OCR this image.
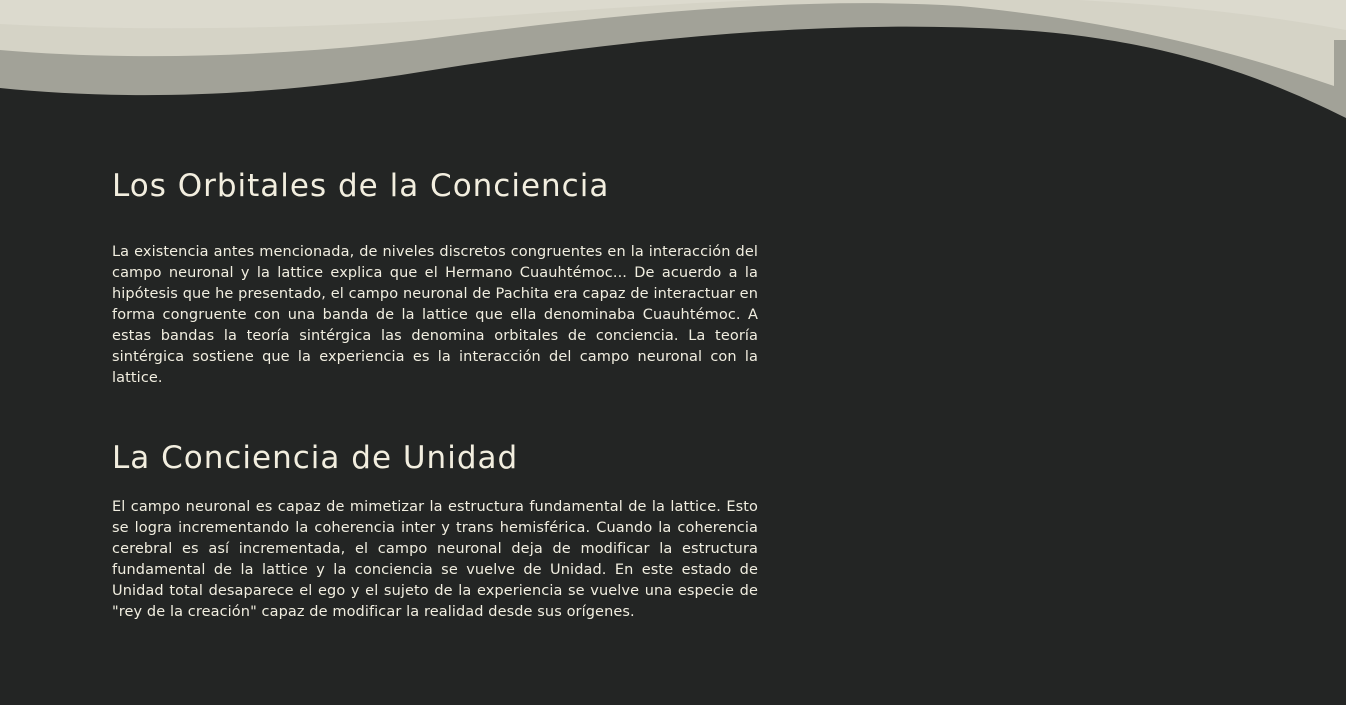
Los Orbitales de la Conciencia

La existencia antes mencionada, de niveles discretos congruentes en la interacción del campo neuronal y la lattice explica que el Hermano Cuauhtémoc... De acuerdo a la hipótesis que he presentado, el campo neuronal de Pachita era capaz de interactuar en forma congruente con una banda de la lattice que ella denominaba Cuauhtémoc. A estas bandas la teoría sintérgica las denomina orbitales de conciencia. La teoría sintérgica sostiene que la experiencia es la interacción del campo neuronal con la lattice.

La Conciencia de Unidad

El campo neuronal es capaz de mimetizar la estructura fundamental de la lattice. Esto se logra incrementando la coherencia inter y trans hemisférica. Cuando la coherencia cerebral es así incrementada, el campo neuronal deja de modificar la estructura fundamental de la lattice y la conciencia se vuelve de Unidad. En este estado de Unidad total desaparece el ego y el sujeto de la experiencia se vuelve una especie de "rey de la creación" capaz de modificar la realidad desde sus orígenes.
